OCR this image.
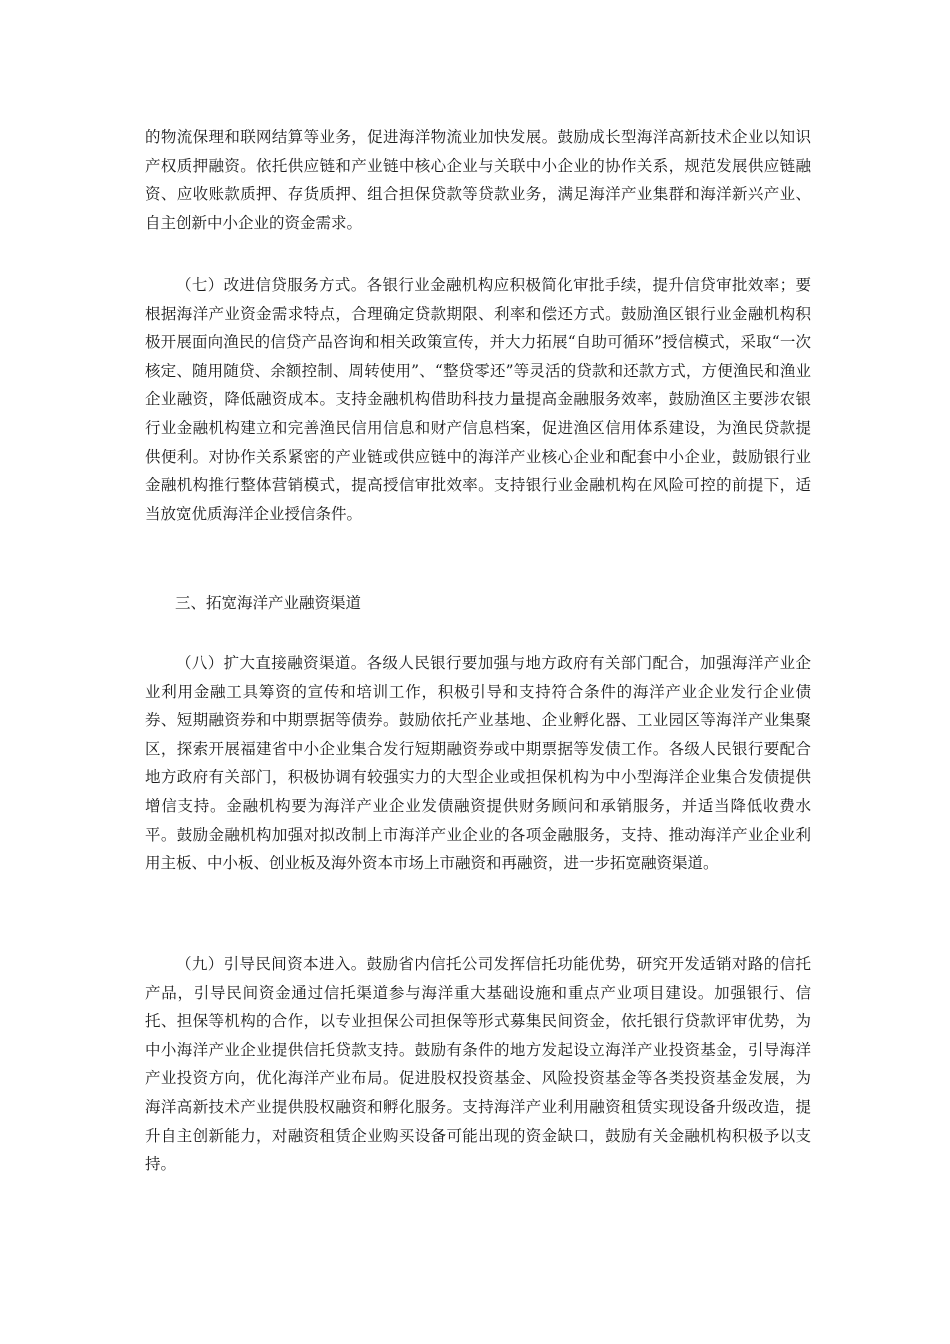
的物流保理和联网结算等业务，促进海洋物流业加快发展。鼓励成长型海洋高新技术企业以知识产权质押融资。依托供应链和产业链中核心企业与关联中小企业的协作关系，规范发展供应链融资、应收账款质押、存货质押、组合担保贷款等贷款业务，满足海洋产业集群和海洋新兴产业、自主创新中小企业的资金需求。

（七）改进信贷服务方式。各银行业金融机构应积极简化审批手续，提升信贷审批效率；要根据海洋产业资金需求特点，合理确定贷款期限、利率和偿还方式。鼓励渔区银行业金融机构积极开展面向渔民的信贷产品咨询和相关政策宣传，并大力拓展“自助可循环”授信模式，采取“一次核定、随用随贷、余额控制、周转使用”、“整贷零还”等灵活的贷款和还款方式，方便渔民和渔业企业融资，降低融资成本。支持金融机构借助科技力量提高金融服务效率，鼓励渔区主要涉农银行业金融机构建立和完善渔民信用信息和财产信息档案，促进渔区信用体系建设，为渔民贷款提供便利。对协作关系紧密的产业链或供应链中的海洋产业核心企业和配套中小企业，鼓励银行业金融机构推行整体营销模式，提高授信审批效率。支持银行业金融机构在风险可控的前提下，适当放宽优质海洋企业授信条件。

三、拓宽海洋产业融资渠道

（八）扩大直接融资渠道。各级人民银行要加强与地方政府有关部门配合，加强海洋产业企业利用金融工具筹资的宣传和培训工作，积极引导和支持符合条件的海洋产业企业发行企业债券、短期融资券和中期票据等债券。鼓励依托产业基地、企业孵化器、工业园区等海洋产业集聚区，探索开展福建省中小企业集合发行短期融资券或中期票据等发债工作。各级人民银行要配合地方政府有关部门，积极协调有较强实力的大型企业或担保机构为中小型海洋企业集合发债提供增信支持。金融机构要为海洋产业企业发债融资提供财务顾问和承销服务，并适当降低收费水平。鼓励金融机构加强对拟改制上市海洋产业企业的各项金融服务，支持、推动海洋产业企业利用主板、中小板、创业板及海外资本市场上市融资和再融资，进一步拓宽融资渠道。

（九）引导民间资本进入。鼓励省内信托公司发挥信托功能优势，研究开发适销对路的信托产品，引导民间资金通过信托渠道参与海洋重大基础设施和重点产业项目建设。加强银行、信托、担保等机构的合作，以专业担保公司担保等形式募集民间资金，依托银行贷款评审优势，为中小海洋产业企业提供信托贷款支持。鼓励有条件的地方发起设立海洋产业投资基金，引导海洋产业投资方向，优化海洋产业布局。促进股权投资基金、风险投资基金等各类投资基金发展，为海洋高新技术产业提供股权融资和孵化服务。支持海洋产业利用融资租赁实现设备升级改造，提升自主创新能力，对融资租赁企业购买设备可能出现的资金缺口，鼓励有关金融机构积极予以支持。
